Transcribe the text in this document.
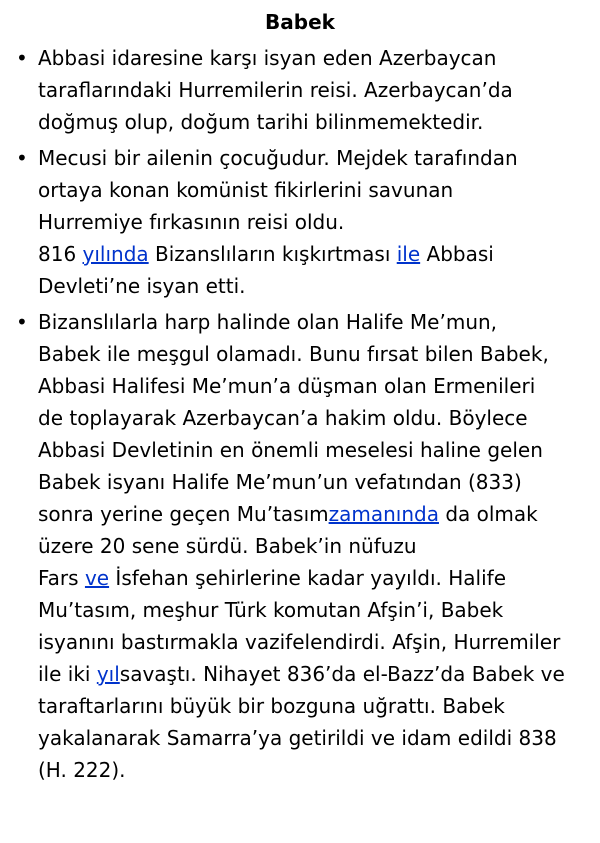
Babek
• Abbasi idaresine karşı isyan eden Azerbaycan
taraflarındaki Hurremilerin reisi. Azerbaycan’da
doğmuş olup, doğum tarihi bilinmemektedir.
• Mecusi bir ailenin çocuğudur. Mejdek tarafından
ortaya konan komünist fikirlerini savunan
Hurremiye fırkasının reisi oldu.
816 yılında Bizanslıların kışkırtması ile Abbasi
Devleti’ne isyan etti.
• Bizanslılarla harp halinde olan Halife Me’mun,
Babek ile meşgul olamadı. Bunu fırsat bilen Babek,
Abbasi Halifesi Me’mun’a düşman olan Ermenileri
de toplayarak Azerbaycan’a hakim oldu. Böylece
Abbasi Devletinin en önemli meselesi haline gelen
Babek isyanı Halife Me’mun’un vefatından (833)
sonra yerine geçen Mu’tasımzamanında da olmak
üzere 20 sene sürdü. Babek’in nüfuzu
Fars ve İsfehan şehirlerine kadar yayıldı. Halife
Mu’tasım, meşhur Türk komutan Afşin’i, Babek
isyanını bastırmakla vazifelendirdi. Afşin, Hurremiler
ile iki yılsavaştı. Nihayet 836’da el-Bazz’da Babek ve
taraftarlarını büyük bir bozguna uğrattı. Babek
yakalanarak Samarra’ya getirildi ve idam edildi 838
(H. 222).
